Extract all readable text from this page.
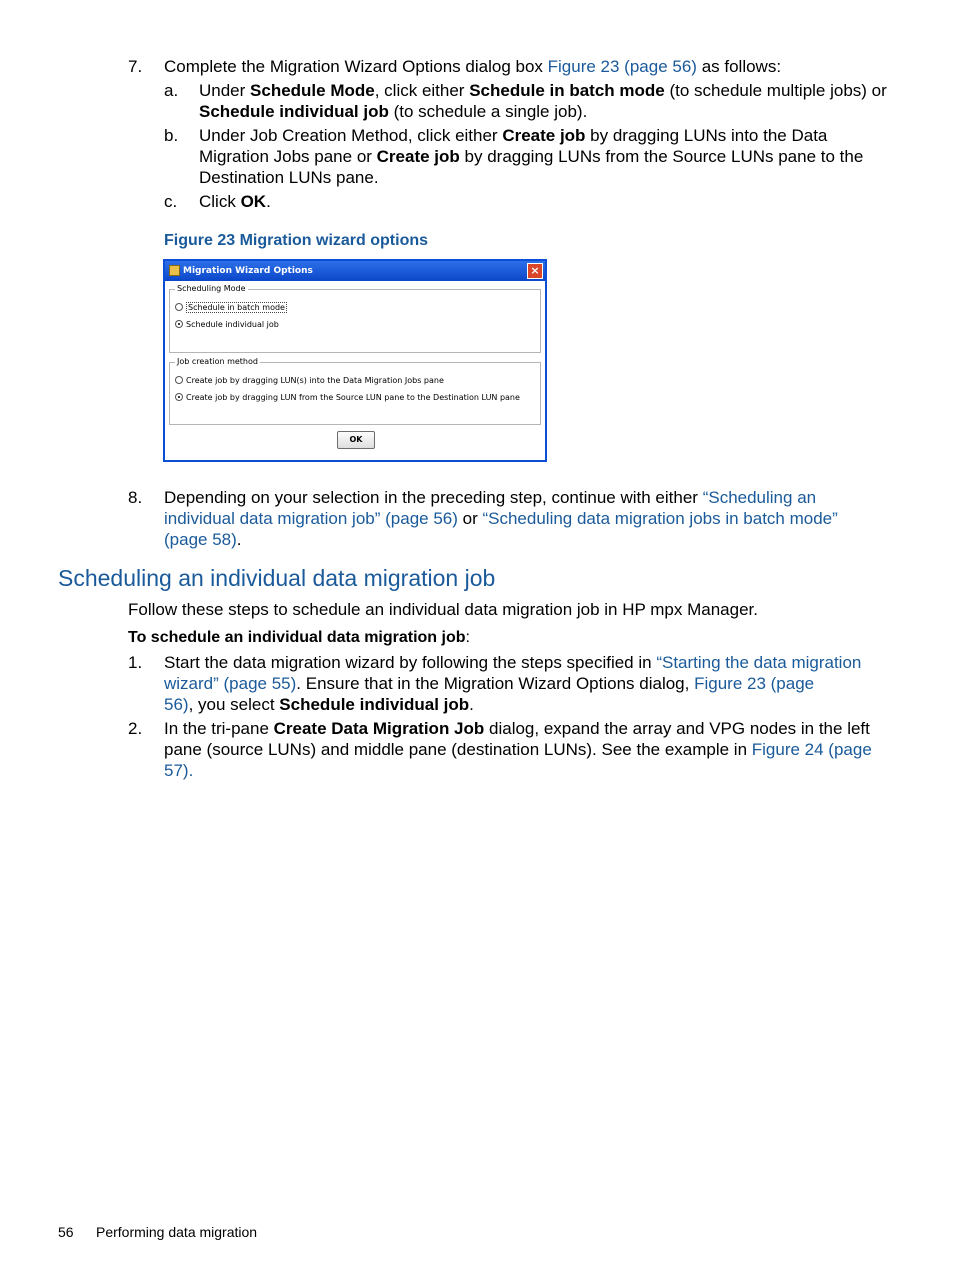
7. Complete the Migration Wizard Options dialog box Figure 23 (page 56) as follows:
a. Under Schedule Mode, click either Schedule in batch mode (to schedule multiple jobs) or
Schedule individual job (to schedule a single job).
b. Under Job Creation Method, click either Create job by dragging LUNs into the Data
Migration Jobs pane or Create job by dragging LUNs from the Source LUNs pane to the
Destination LUNs pane.
c. Click OK.
Figure 23 Migration wizard options
Migration Wizard Options	×
Scheduling Mode
Schedule in batch mode
Schedule individual job
Job creation method
Create job by dragging LUN(s) into the Data Migration Jobs pane
Create job by dragging LUN from the Source LUN pane to the Destination LUN pane
OK
8. Depending on your selection in the preceding step, continue with either “Scheduling an
individual data migration job” (page 56) or “Scheduling data migration jobs in batch mode”
(page 58).
Scheduling an individual data migration job
Follow these steps to schedule an individual data migration job in HP mpx Manager.
To schedule an individual data migration job:
1. Start the data migration wizard by following the steps specified in “Starting the data migration
wizard” (page 55). Ensure that in the Migration Wizard Options dialog, Figure 23 (page
56), you select Schedule individual job.
2. In the tri-pane Create Data Migration Job dialog, expand the array and VPG nodes in the left
pane (source LUNs) and middle pane (destination LUNs). See the example in Figure 24 (page
57).
56 Performing data migration
